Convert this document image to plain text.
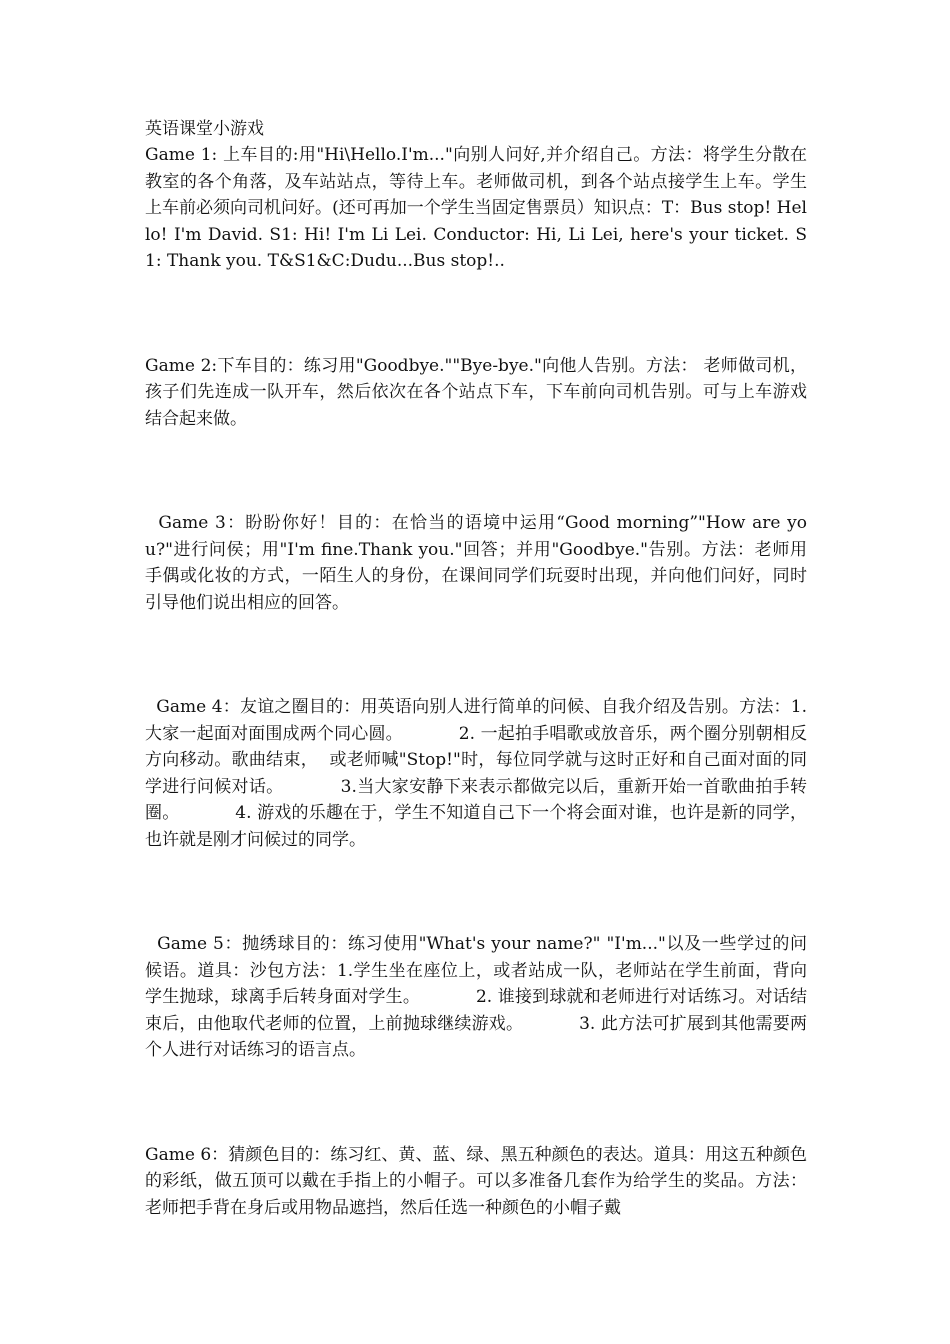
英语课堂小游戏

Game 1: 上车目的:用"Hi\Hello.I'm..."向别人问好,并介绍自己。方法：将学生分散在教室的各个角落，及车站站点，等待上车。老师做司机，到各个站点接学生上车。学生上车前必须向司机问好。(还可再加一个学生当固定售票员）知识点：T：Bus stop! Hello! I'm David. S1: Hi! I'm Li Lei. Conductor: Hi, Li Lei, here's your ticket. S1: Thank you. T&S1&C:Dudu...Bus stop!..

Game 2:下车目的：练习用"Goodbye.""Bye-bye."向他人告别。方法： 老师做司机，孩子们先连成一队开车，然后依次在各个站点下车，下车前向司机告别。可与上车游戏结合起来做。

Game 3：盼盼你好！目的：在恰当的语境中运用“Good morning”"How are you?"进行问侯；用"I'm fine.Thank you."回答；并用"Goodbye."告别。方法：老师用手偶或化妆的方式，一陌生人的身份，在课间同学们玩耍时出现，并向他们问好，同时引导他们说出相应的回答。

Game 4：友谊之圈目的：用英语向别人进行简单的问候、自我介绍及告别。方法：1. 大家一起面对面围成两个同心圆。          2. 一起拍手唱歌或放音乐，两个圈分别朝相反方向移动。歌曲结束，  或老师喊"Stop!"时，每位同学就与这时正好和自己面对面的同学进行问候对话。          3.当大家安静下来表示都做完以后，重新开始一首歌曲拍手转圈。          4. 游戏的乐趣在于，学生不知道自己下一个将会面对谁，也许是新的同学，也许就是刚才问候过的同学。

Game 5：抛绣球目的：练习使用"What's your name?" "I'm..."以及一些学过的问候语。道具：沙包方法：1.学生坐在座位上，或者站成一队，老师站在学生前面，背向学生抛球，球离手后转身面对学生。          2. 谁接到球就和老师进行对话练习。对话结束后，由他取代老师的位置，上前抛球继续游戏。          3. 此方法可扩展到其他需要两个人进行对话练习的语言点。

Game 6：猜颜色目的：练习红、黄、蓝、绿、黑五种颜色的表达。道具：用这五种颜色的彩纸，做五顶可以戴在手指上的小帽子。可以多准备几套作为给学生的奖品。方法：老师把手背在身后或用物品遮挡，然后任选一种颜色的小帽子戴
